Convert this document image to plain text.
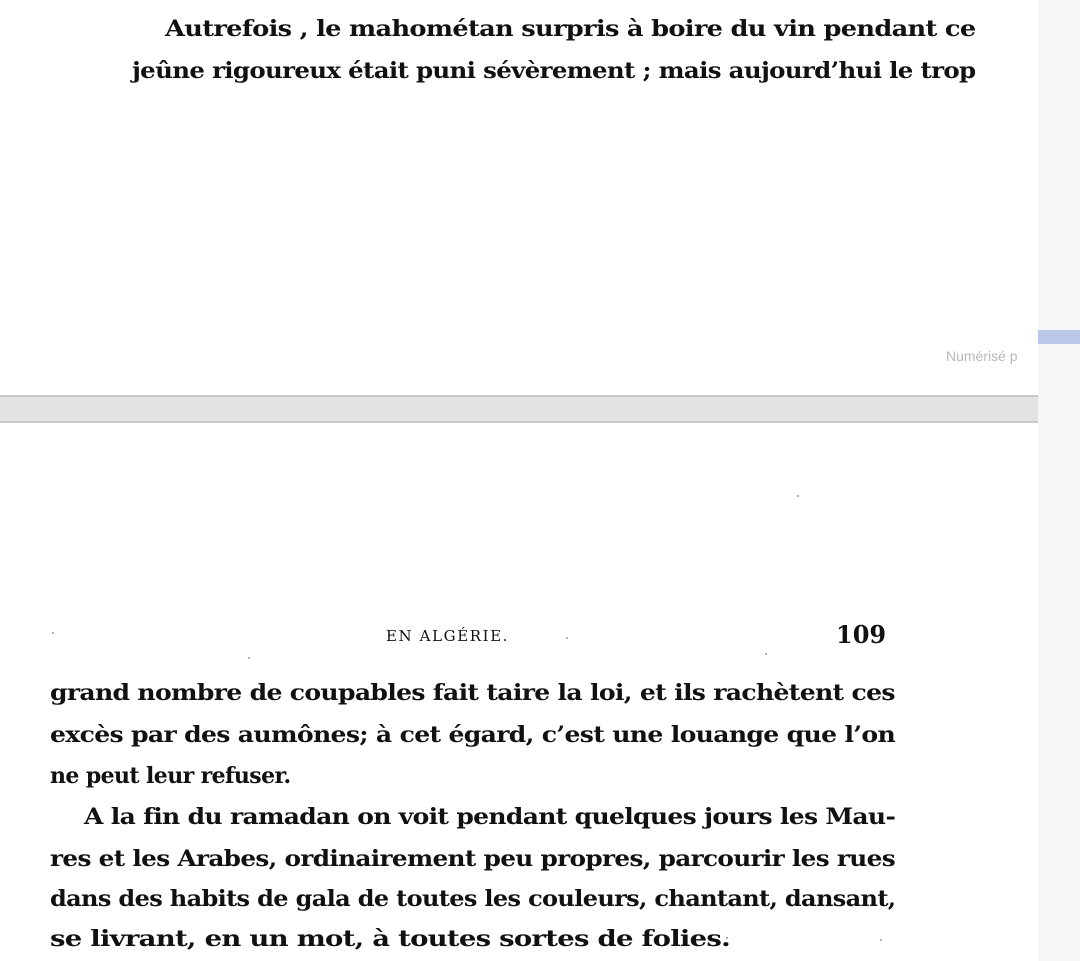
Autrefois , le mahométan surpris à boire du vin pendant ce
jeûne rigoureux était puni sévèrement ; mais aujourd’hui le trop
Numérisé p
EN ALGÉRIE.	109
grand nombre de coupables fait taire la loi, et ils rachètent ces
excès par des aumônes; à cet égard, c’est une louange que l’on
ne peut leur refuser.
A la fin du ramadan on voit pendant quelques jours les Mau-
res et les Arabes, ordinairement peu propres, parcourir les rues
dans des habits de gala de toutes les couleurs, chantant, dansant,
se livrant, en un mot, à toutes sortes de folies.
